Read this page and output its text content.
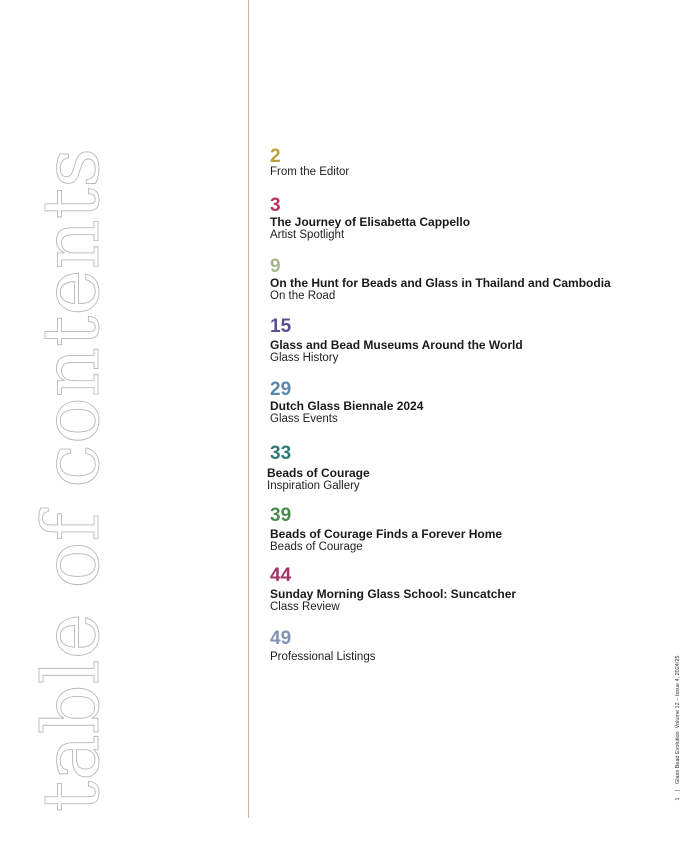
table of contents	2
From the Editor
3
The Journey of Elisabetta Cappello
Artist Spotlight
9
On the Hunt for Beads and Glass in Thailand and Cambodia
On the Road
15
Glass and Bead Museums Around the World
Glass History
29
Dutch Glass Biennale 2024
Glass Events
33
Beads of Courage
Inspiration Gallery
39
Beads of Courage Finds a Forever Home
Beads of Courage
44
Sunday Morning Glass School: Suncatcher
Class Review
49
Professional Listings
1|Glass Bead Evolution  Volume 12 – Issue 4, 2024/25
